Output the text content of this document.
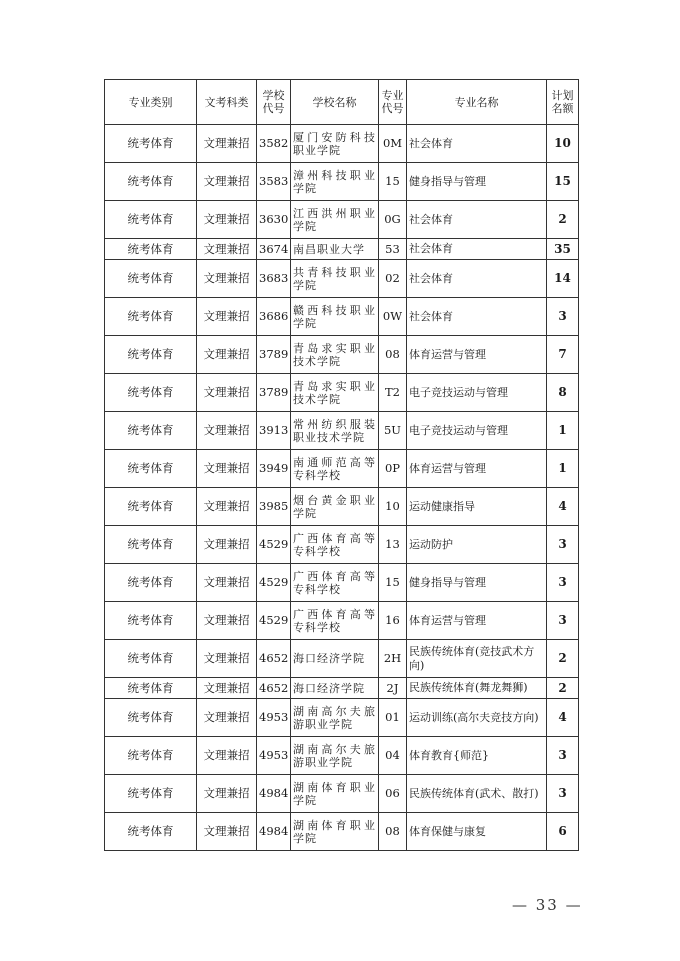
专业类别	文考科类	学校代号	学校名称	专业代号	专业名称	计划名额
统考体育	文理兼招	3582	厦门安防科技职业学院	0M	社会体育	10
统考体育	文理兼招	3583	漳州科技职业学院	15	健身指导与管理	15
统考体育	文理兼招	3630	江西洪州职业学院	0G	社会体育	2
统考体育	文理兼招	3674	南昌职业大学	53	社会体育	35
统考体育	文理兼招	3683	共青科技职业学院	02	社会体育	14
统考体育	文理兼招	3686	赣西科技职业学院	0W	社会体育	3
统考体育	文理兼招	3789	青岛求实职业技术学院	08	体育运营与管理	7
统考体育	文理兼招	3789	青岛求实职业技术学院	T2	电子竞技运动与管理	8
统考体育	文理兼招	3913	常州纺织服装职业技术学院	5U	电子竞技运动与管理	1
统考体育	文理兼招	3949	南通师范高等专科学校	0P	体育运营与管理	1
统考体育	文理兼招	3985	烟台黄金职业学院	10	运动健康指导	4
统考体育	文理兼招	4529	广西体育高等专科学校	13	运动防护	3
统考体育	文理兼招	4529	广西体育高等专科学校	15	健身指导与管理	3
统考体育	文理兼招	4529	广西体育高等专科学校	16	体育运营与管理	3
统考体育	文理兼招	4652	海口经济学院	2H	民族传统体育(竞技武术方向)	2
统考体育	文理兼招	4652	海口经济学院	2J	民族传统体育(舞龙舞狮)	2
统考体育	文理兼招	4953	湖南高尔夫旅游职业学院	01	运动训练(高尔夫竞技方向)	4
统考体育	文理兼招	4953	湖南高尔夫旅游职业学院	04	体育教育{师范}	3
统考体育	文理兼招	4984	湖南体育职业学院	06	民族传统体育(武术、散打)	3
统考体育	文理兼招	4984	湖南体育职业学院	08	体育保健与康复	6
— 33 —
